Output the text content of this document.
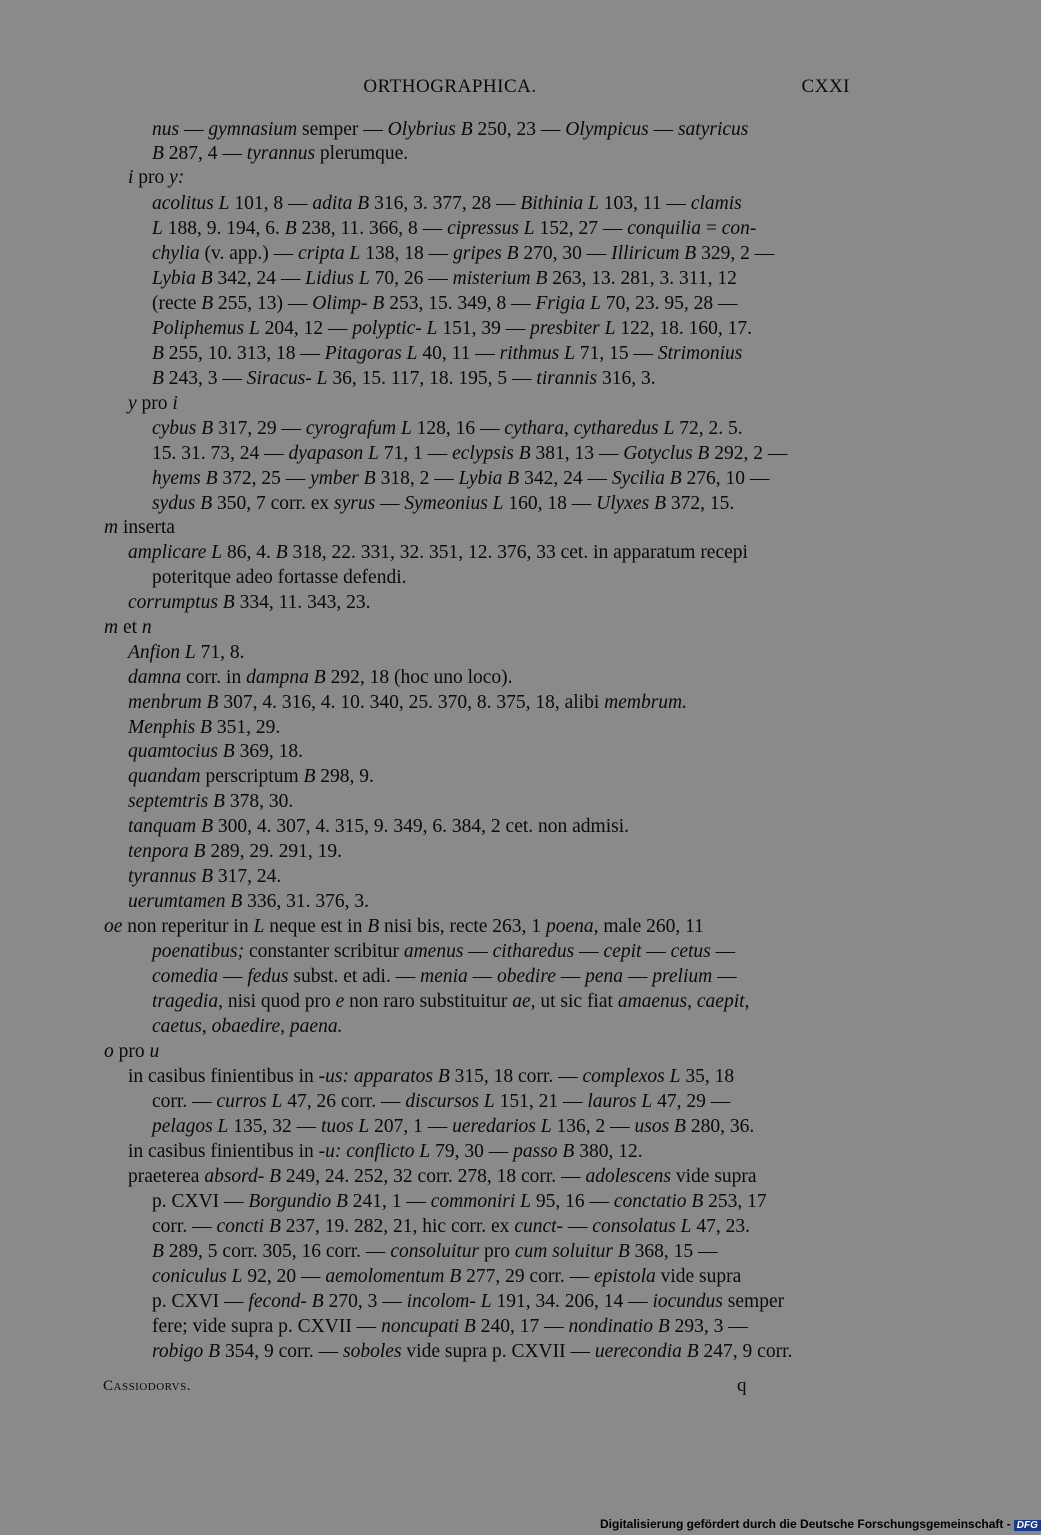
ORTHOGRAPHICA.	CXXI
nus — gymnasium semper — Olybrius B 250, 23 — Olympicus — satyricus
B 287, 4 — tyrannus plerumque.
i pro y:
acolitus L 101, 8 — adita B 316, 3. 377, 28 — Bithinia L 103, 11 — clamis
L 188, 9. 194, 6. B 238, 11. 366, 8 — cipressus L 152, 27 — conquilia = con-
chylia (v. app.) — cripta L 138, 18 — gripes B 270, 30 — Illiricum B 329, 2 —
Lybia B 342, 24 — Lidius L 70, 26 — misterium B 263, 13. 281, 3. 311, 12
(recte B 255, 13) — Olimp- B 253, 15. 349, 8 — Frigia L 70, 23. 95, 28 —
Poliphemus L 204, 12 — polyptic- L 151, 39 — presbiter L 122, 18. 160, 17.
B 255, 10. 313, 18 — Pitagoras L 40, 11 — rithmus L 71, 15 — Strimonius
B 243, 3 — Siracus- L 36, 15. 117, 18. 195, 5 — tirannis 316, 3.
y pro i
cybus B 317, 29 — cyrografum L 128, 16 — cythara, cytharedus L 72, 2. 5.
15. 31. 73, 24 — dyapason L 71, 1 — eclypsis B 381, 13 — Gotyclus B 292, 2 —
hyems B 372, 25 — ymber B 318, 2 — Lybia B 342, 24 — Sycilia B 276, 10 —
sydus B 350, 7 corr. ex syrus — Symeonius L 160, 18 — Ulyxes B 372, 15.
m inserta
amplicare L 86, 4. B 318, 22. 331, 32. 351, 12. 376, 33 cet. in apparatum recepi
poteritque adeo fortasse defendi.
corrumptus B 334, 11. 343, 23.
m et n
Anfion L 71, 8.
damna corr. in dampna B 292, 18 (hoc uno loco).
menbrum B 307, 4. 316, 4. 10. 340, 25. 370, 8. 375, 18, alibi membrum.
Menphis B 351, 29.
quamtocius B 369, 18.
quandam perscriptum B 298, 9.
septemtris B 378, 30.
tanquam B 300, 4. 307, 4. 315, 9. 349, 6. 384, 2 cet. non admisi.
tenpora B 289, 29. 291, 19.
tyrannus B 317, 24.
uerumtamen B 336, 31. 376, 3.
oe non reperitur in L neque est in B nisi bis, recte 263, 1 poena, male 260, 11
poenatibus; constanter scribitur amenus — citharedus — cepit — cetus —
comedia — fedus subst. et adi. — menia — obedire — pena — prelium —
tragedia, nisi quod pro e non raro substituitur ae, ut sic fiat amaenus, caepit,
caetus, obaedire, paena.
o pro u
in casibus finientibus in -us: apparatos B 315, 18 corr. — complexos L 35, 18
corr. — curros L 47, 26 corr. — discursos L 151, 21 — lauros L 47, 29 —
pelagos L 135, 32 — tuos L 207, 1 — ueredarios L 136, 2 — usos B 280, 36.
in casibus finientibus in -u: conflicto L 79, 30 — passo B 380, 12.
praeterea absord- B 249, 24. 252, 32 corr. 278, 18 corr. — adolescens vide supra
p. CXVI — Borgundio B 241, 1 — commoniri L 95, 16 — conctatio B 253, 17
corr. — concti B 237, 19. 282, 21, hic corr. ex cunct- — consolatus L 47, 23.
B 289, 5 corr. 305, 16 corr. — consoluitur pro cum soluitur B 368, 15 —
coniculus L 92, 20 — aemolomentum B 277, 29 corr. — epistola vide supra
p. CXVI — fecond- B 270, 3 — incolom- L 191, 34. 206, 14 — iocundus semper
fere; vide supra p. CXVII — noncupati B 240, 17 — nondinatio B 293, 3 —
robigo B 354, 9 corr. — soboles vide supra p. CXVII — uerecondia B 247, 9 corr.
Cassiodorvs.	q
Digitalisierung gefördert durch die Deutsche Forschungsgemeinschaft - DFG
